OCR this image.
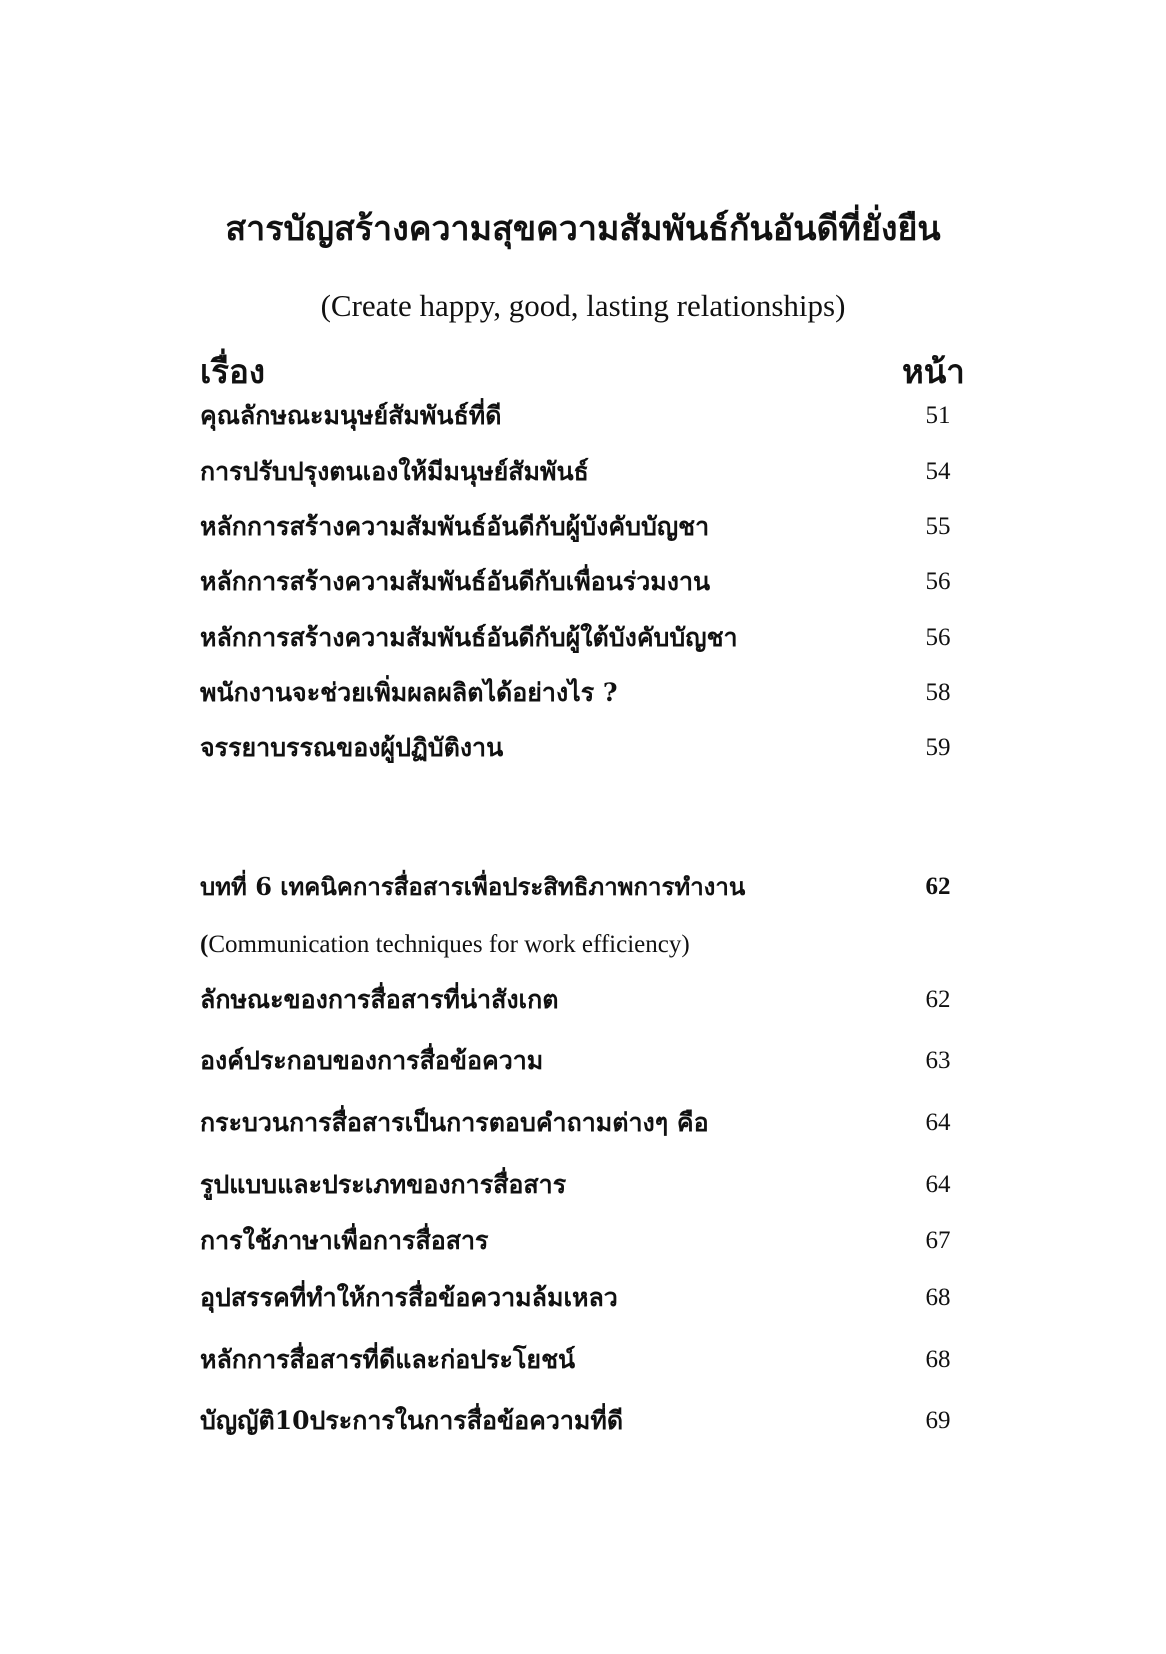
สารบัญสร้างความสุขความสัมพันธ์กันอันดีที่ยั่งยืน
(Create happy, good, lasting relationships)
เรื่อง	หน้า
คุณลักษณะมนุษย์สัมพันธ์ที่ดี	51
การปรับปรุงตนเองให้มีมนุษย์สัมพันธ์	54
หลักการสร้างความสัมพันธ์อันดีกับผู้บังคับบัญชา	55
หลักการสร้างความสัมพันธ์อันดีกับเพื่อนร่วมงาน	56
หลักการสร้างความสัมพันธ์อันดีกับผู้ใต้บังคับบัญชา	56
พนักงานจะช่วยเพิ่มผลผลิตได้อย่างไร ?	58
จรรยาบรรณของผู้ปฏิบัติงาน	59
บทที่ 6 เทคนิคการสื่อสารเพื่อประสิทธิภาพการทำงาน	62
(Communication techniques for work efficiency)
ลักษณะของการสื่อสารที่น่าสังเกต	62
องค์ประกอบของการสื่อข้อความ	63
กระบวนการสื่อสารเป็นการตอบคำถามต่างๆ คือ	64
รูปแบบและประเภทของการสื่อสาร	64
การใช้ภาษาเพื่อการสื่อสาร	67
อุปสรรคที่ทำให้การสื่อข้อความล้มเหลว	68
หลักการสื่อสารที่ดีและก่อประโยชน์	68
บัญญัติ10ประการในการสื่อข้อความที่ดี	69
